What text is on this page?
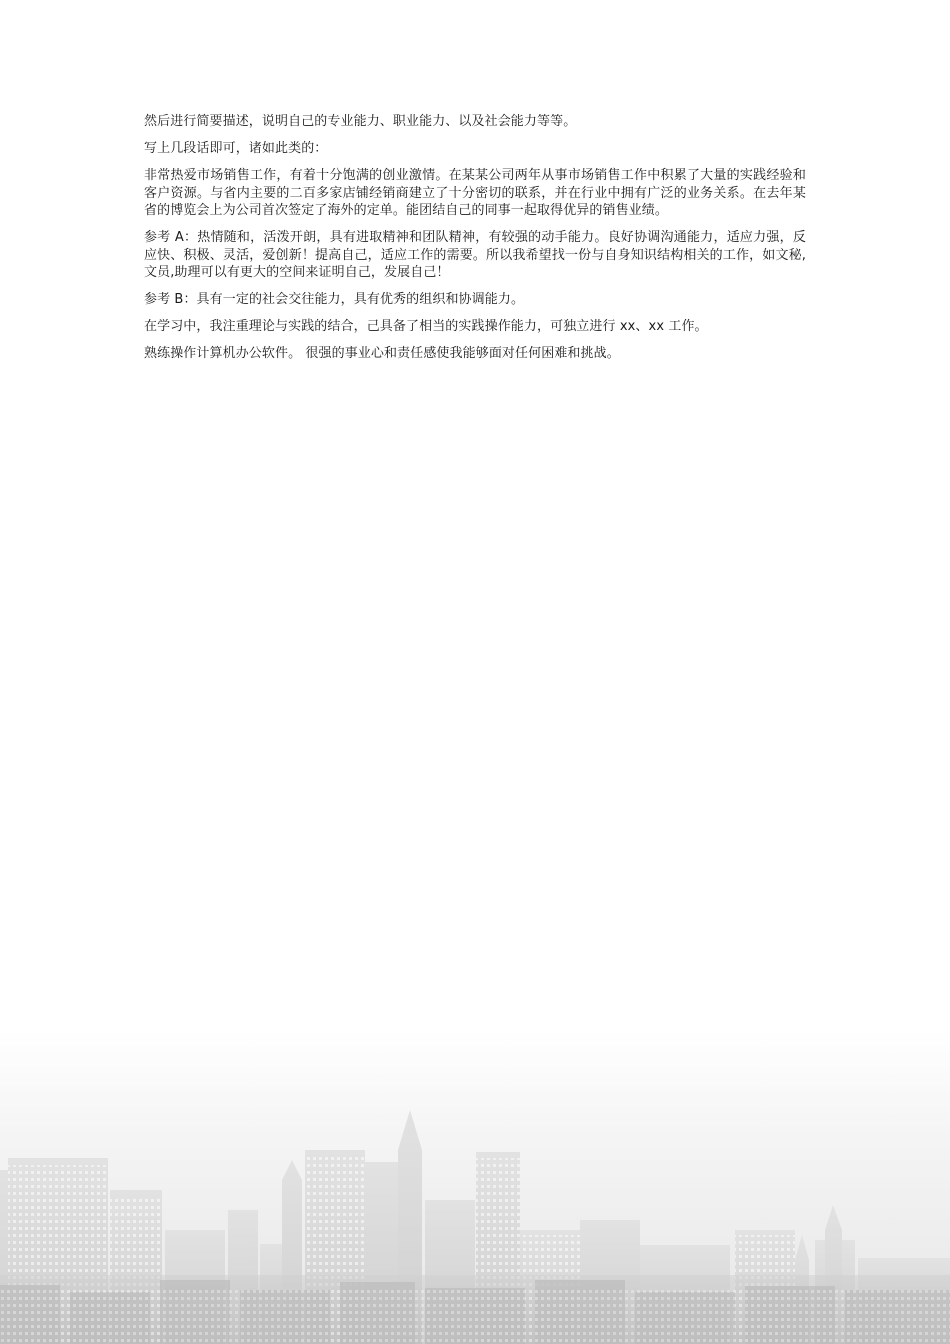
然后进行简要描述，说明自己的专业能力、职业能力、以及社会能力等等。

写上几段话即可，诸如此类的：

非常热爱市场销售工作，有着十分饱满的创业激情。在某某公司两年从事市场销售工作中积累了大量的实践经验和客户资源。与省内主要的二百多家店铺经销商建立了十分密切的联系，并在行业中拥有广泛的业务关系。在去年某省的博览会上为公司首次签定了海外的定单。能团结自己的同事一起取得优异的销售业绩。

参考 A：热情随和，活泼开朗，具有进取精神和团队精神，有较强的动手能力。良好协调沟通能力，适应力强，反应快、积极、灵活，爱创新！提高自己，适应工作的需要。所以我希望找一份与自身知识结构相关的工作，如文秘,文员,助理可以有更大的空间来证明自己，发展自己！

参考 B：具有一定的社会交往能力，具有优秀的组织和协调能力。

在学习中，我注重理论与实践的结合，己具备了相当的实践操作能力，可独立进行 xx、xx 工作。

熟练操作计算机办公软件。 很强的事业心和责任感使我能够面对任何困难和挑战。
